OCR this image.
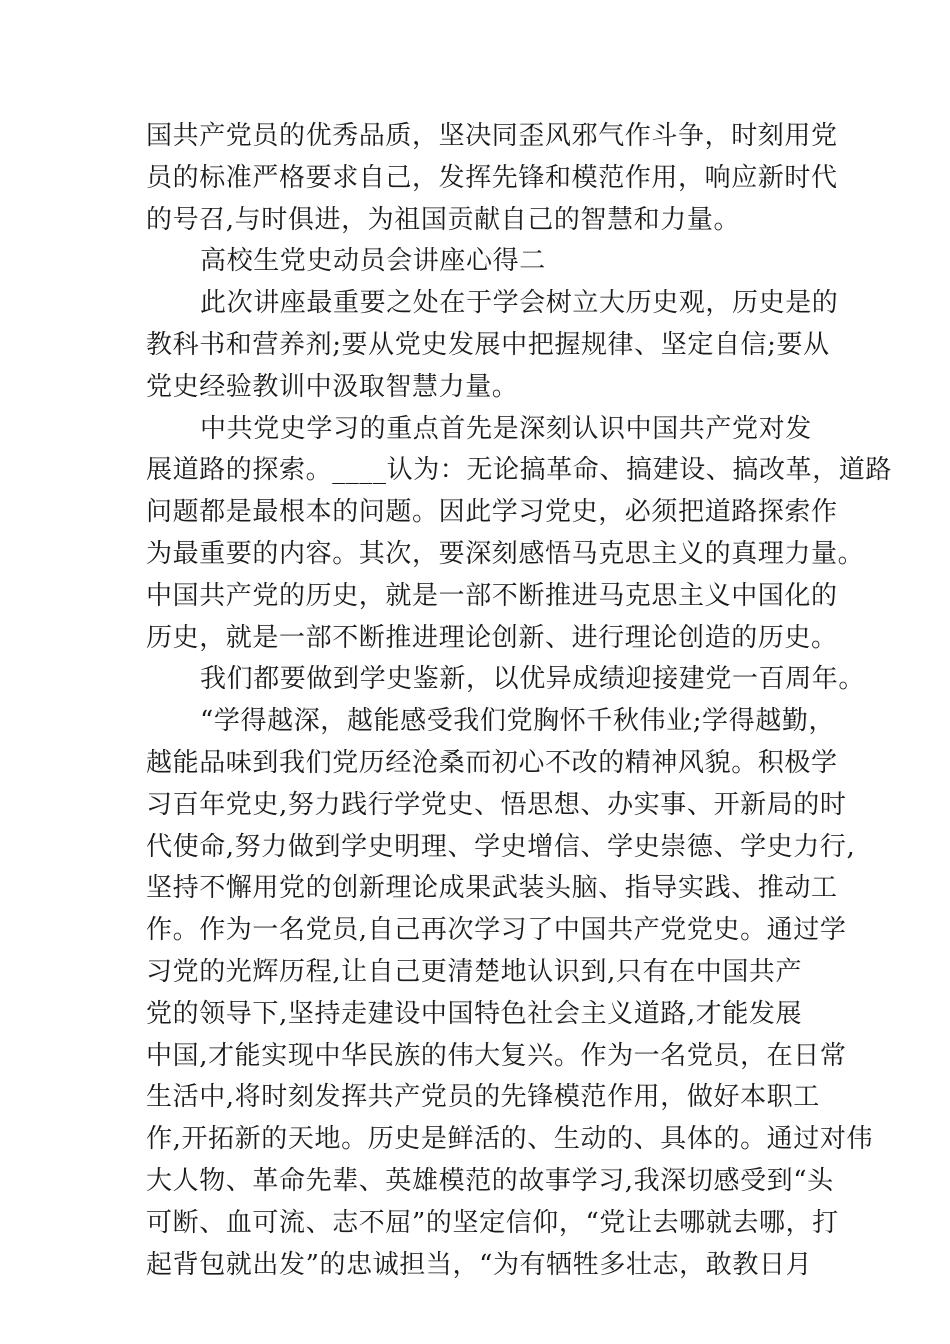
国共产党员的优秀品质，坚决同歪风邪气作斗争，时刻用党
员的标准严格要求自己，发挥先锋和模范作用，响应新时代
的号召,与时俱进，为祖国贡献自己的智慧和力量。
高校生党史动员会讲座心得二
此次讲座最重要之处在于学会树立大历史观，历史是的
教科书和营养剂;要从党史发展中把握规律、坚定自信;要从
党史经验教训中汲取智慧力量。
中共党史学习的重点首先是深刻认识中国共产党对发
展道路的探索。____认为：无论搞革命、搞建设、搞改革，道路
问题都是最根本的问题。因此学习党史，必须把道路探索作
为最重要的内容。其次，要深刻感悟马克思主义的真理力量。
中国共产党的历史，就是一部不断推进马克思主义中国化的
历史，就是一部不断推进理论创新、进行理论创造的历史。
我们都要做到学史鉴新，以优异成绩迎接建党一百周年。
“学得越深，越能感受我们党胸怀千秋伟业;学得越勤，
越能品味到我们党历经沧桑而初心不改的精神风貌。积极学
习百年党史,努力践行学党史、悟思想、办实事、开新局的时
代使命,努力做到学史明理、学史增信、学史崇德、学史力行,
坚持不懈用党的创新理论成果武装头脑、指导实践、推动工
作。作为一名党员,自己再次学习了中国共产党党史。通过学
习党的光辉历程,让自己更清楚地认识到,只有在中国共产
党的领导下,坚持走建设中国特色社会主义道路,才能发展
中国,才能实现中华民族的伟大复兴。作为一名党员，在日常
生活中,将时刻发挥共产党员的先锋模范作用，做好本职工
作,开拓新的天地。历史是鲜活的、生动的、具体的。通过对伟
大人物、革命先辈、英雄模范的故事学习,我深切感受到“头
可断、血可流、志不屈”的坚定信仰，“党让去哪就去哪，打
起背包就出发”的忠诚担当，“为有牺牲多壮志，敢教日月
